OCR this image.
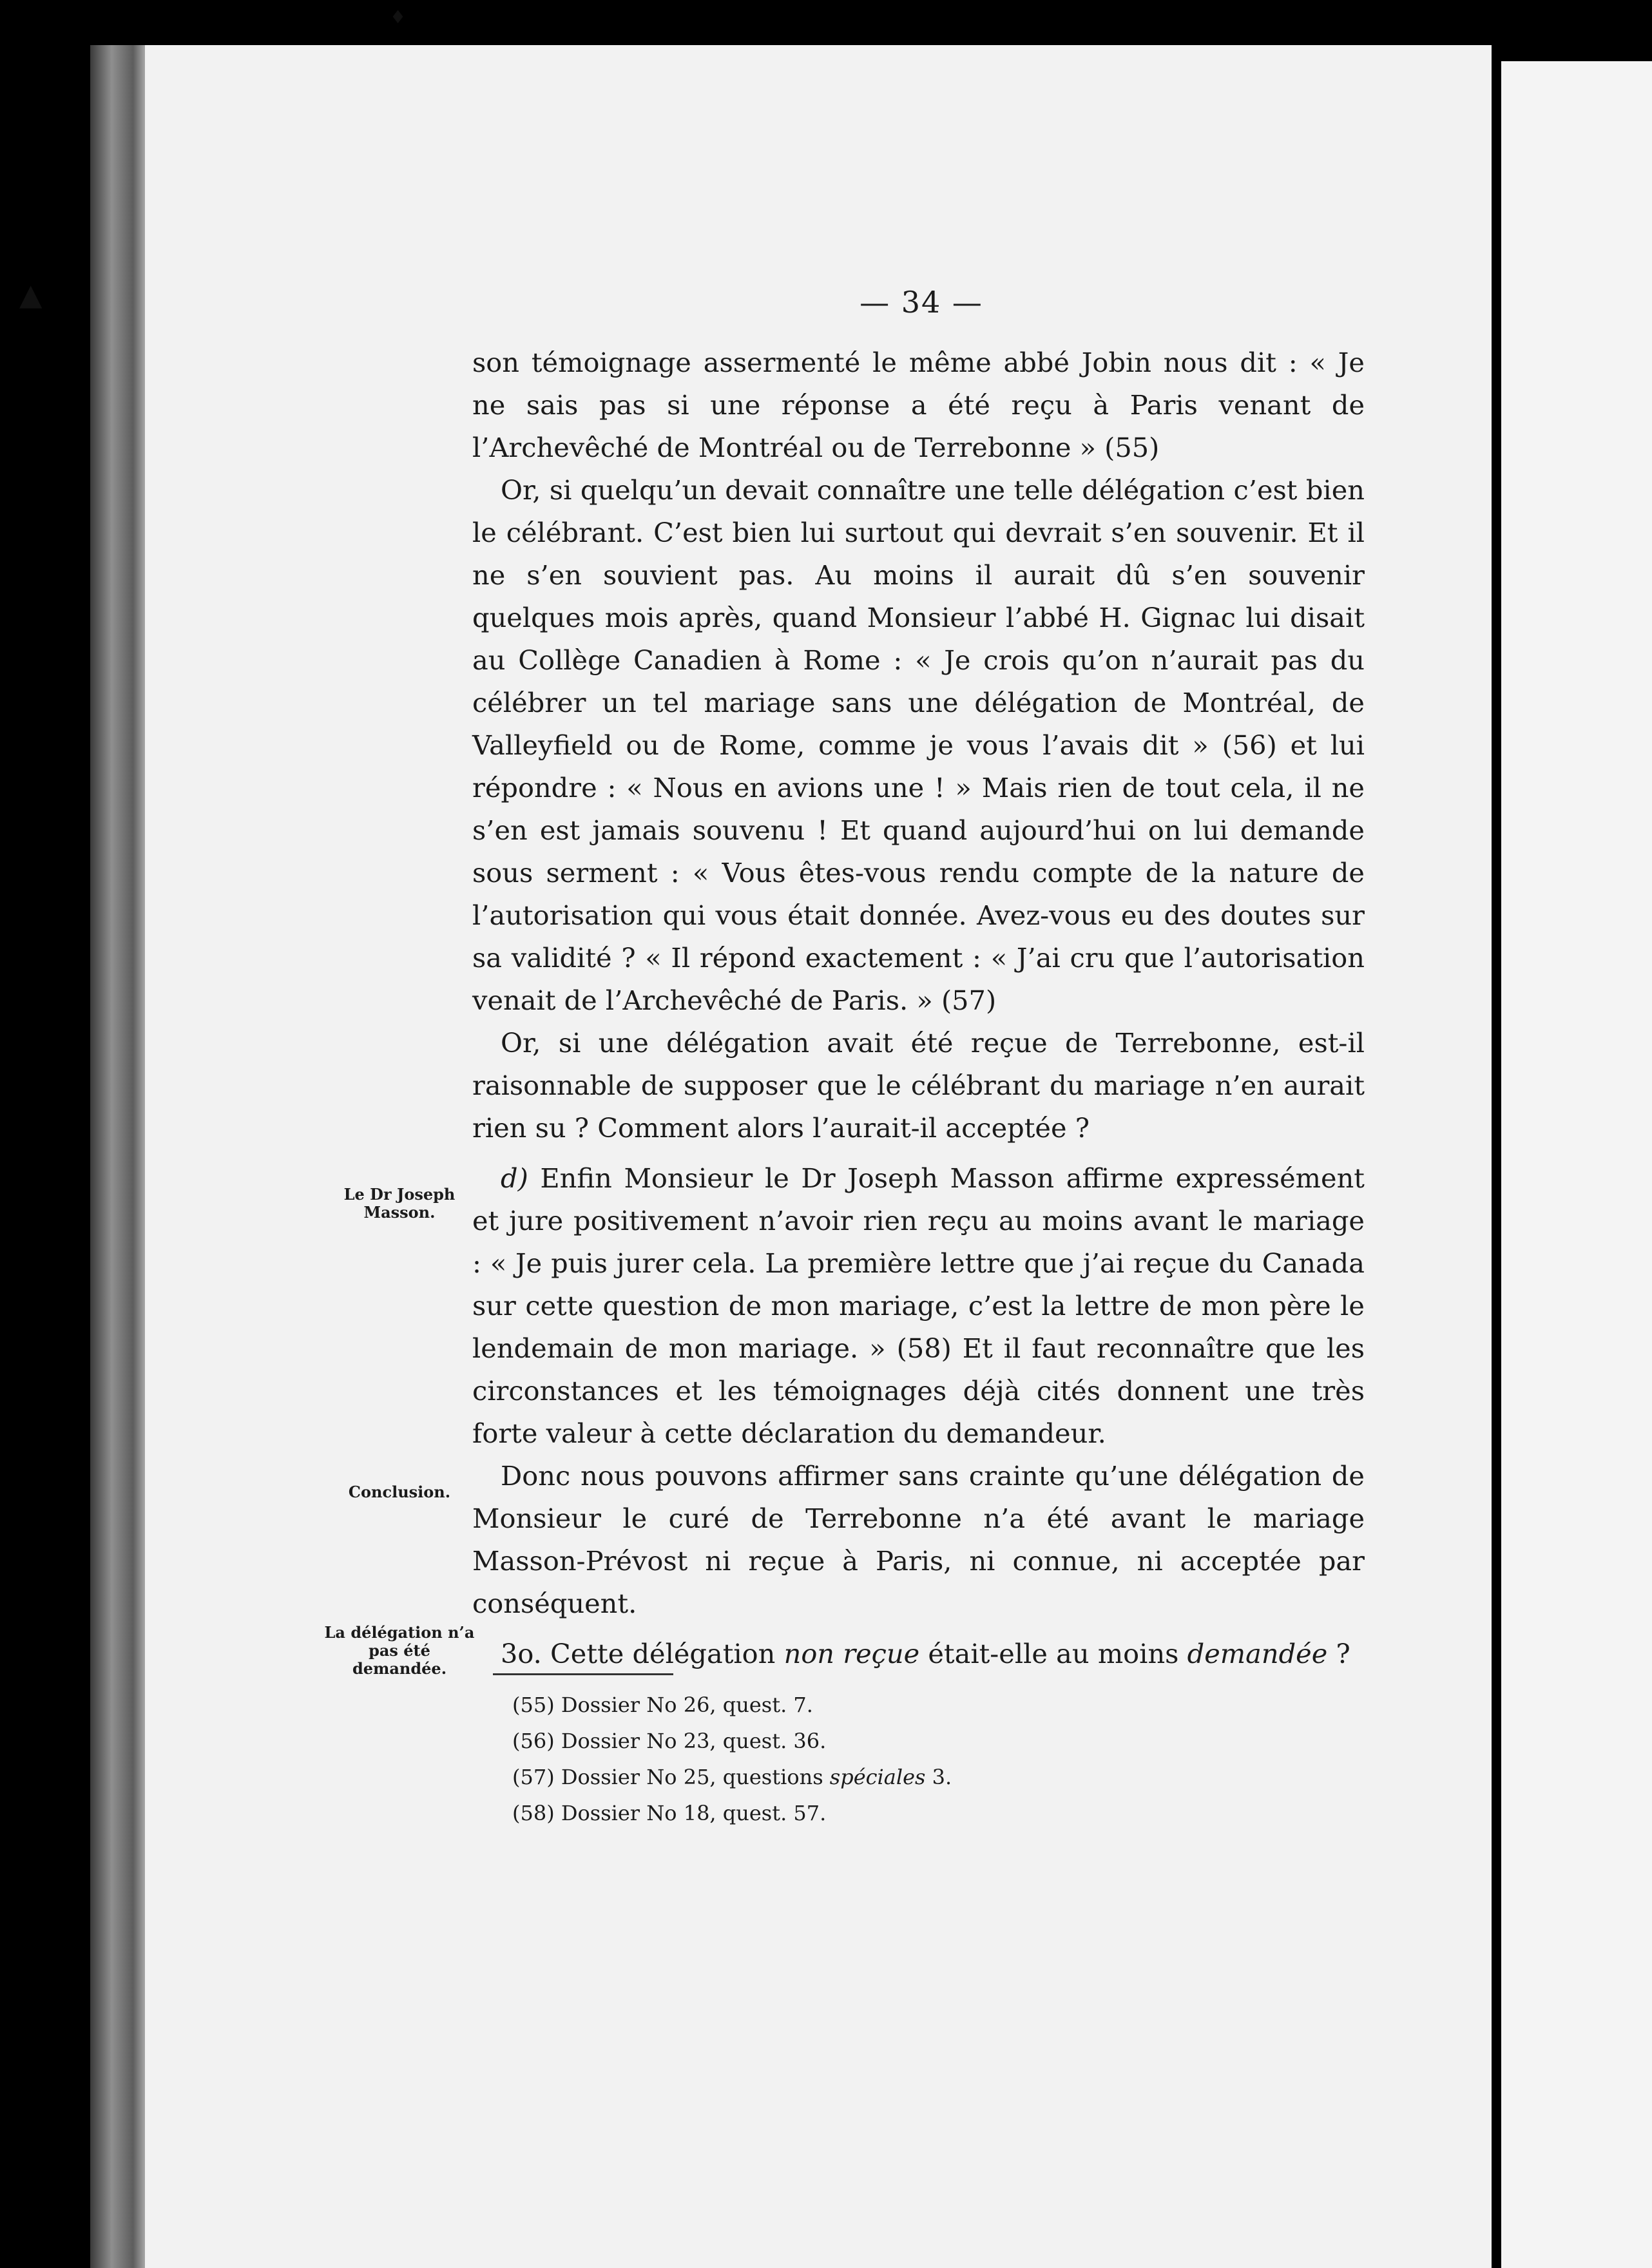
♦
▲	— 34 —

son témoignage assermenté le même abbé Jobin nous dit : « Je ne sais pas si une réponse a été reçu à Paris venant de l’Archevêché de Montréal ou de Terrebonne » (55)

Or, si quelqu’un devait connaître une telle délégation c’est bien le célébrant. C’est bien lui surtout qui devrait s’en souvenir. Et il ne s’en souvient pas. Au moins il aurait dû s’en souvenir quelques mois après, quand Monsieur l’abbé H. Gignac lui disait au Collège Canadien à Rome : « Je crois qu’on n’aurait pas du célébrer un tel mariage sans une délégation de Montréal, de Valleyfield ou de Rome, comme je vous l’avais dit » (56) et lui répondre : « Nous en avions une ! » Mais rien de tout cela, il ne s’en est jamais souvenu ! Et quand aujourd’hui on lui demande sous serment : « Vous êtes-vous rendu compte de la nature de l’autorisation qui vous était donnée. Avez-vous eu des doutes sur sa validité ? « Il répond exactement : « J’ai cru que l’autorisation venait de l’Archevêché de Paris. » (57)

Or, si une délégation avait été reçue de Terrebonne, est-il raisonnable de supposer que le célébrant du mariage n’en aurait rien su ? Comment alors l’aurait-il acceptée ?

d) Enfin Monsieur le Dr Joseph Masson affirme expressément et jure positivement n’avoir rien reçu au moins avant le mariage : « Je puis jurer cela. La première lettre que j’ai reçue du Canada sur cette question de mon mariage, c’est la lettre de mon père le lendemain de mon mariage. » (58) Et il faut reconnaître que les circonstances et les témoignages déjà cités donnent une très forte valeur à cette déclaration du demandeur.

Donc nous pouvons affirmer sans crainte qu’une délégation de Monsieur le curé de Terrebonne n’a été avant le mariage Masson-Prévost ni reçue à Paris, ni connue, ni acceptée par conséquent.

3o. Cette délégation non reçue était-elle au moins demandée ?

Le Dr Joseph Masson.
Conclusion.
La délégation n’a pas été demandée.
(55) Dossier No 26, quest. 7.
(56) Dossier No 23, quest. 36.
(57) Dossier No 25, questions spéciales 3.
(58) Dossier No 18, quest. 57.
